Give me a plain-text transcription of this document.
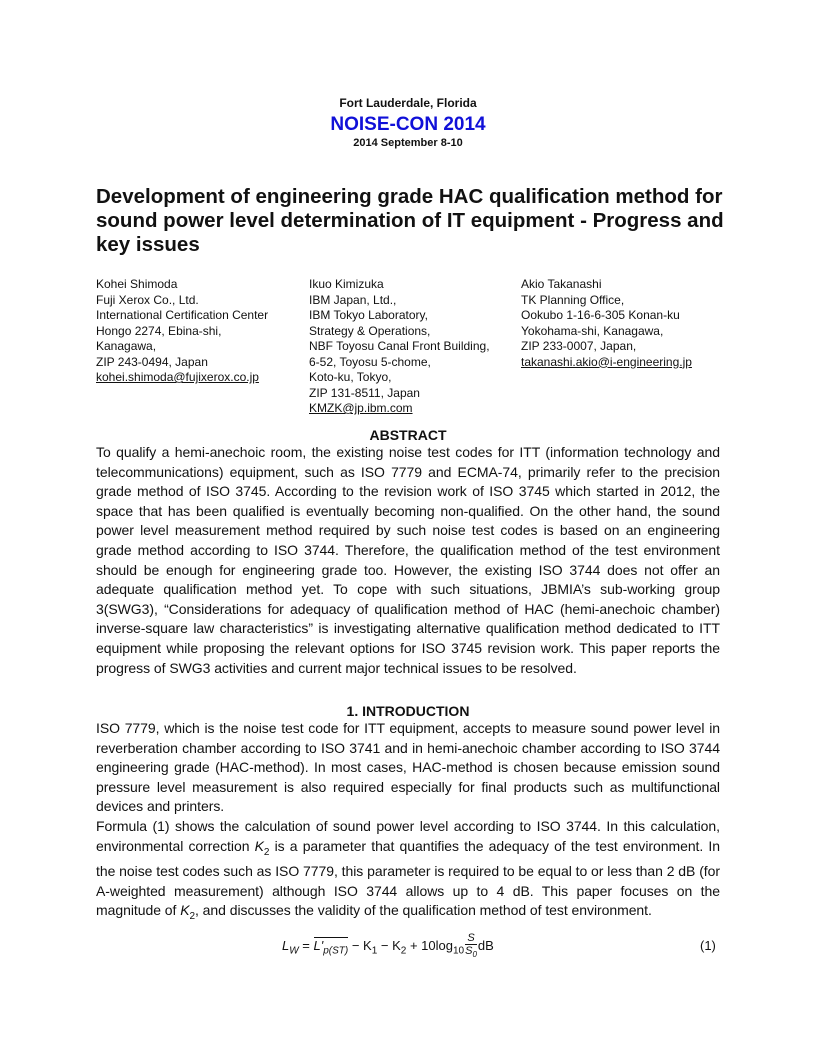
Fort Lauderdale, Florida
NOISE-CON 2014
2014 September 8-10
Development of engineering grade HAC qualification method for sound power level determination of IT equipment - Progress and key issues
Kohei Shimoda
Fuji Xerox Co., Ltd.
International Certification Center
Hongo 2274, Ebina-shi,
Kanagawa,
ZIP 243-0494, Japan
kohei.shimoda@fujixerox.co.jp
Ikuo Kimizuka
IBM Japan, Ltd.,
IBM Tokyo Laboratory,
Strategy & Operations,
NBF Toyosu Canal Front Building,
6-52, Toyosu 5-chome,
Koto-ku, Tokyo,
ZIP 131-8511, Japan
KMZK@jp.ibm.com
Akio Takanashi
TK Planning Office,
Ookubo 1-16-6-305 Konan-ku
Yokohama-shi, Kanagawa,
ZIP 233-0007, Japan,
takanashi.akio@i-engineering.jp
ABSTRACT

To qualify a hemi-anechoic room, the existing noise test codes for ITT (information technology and telecommunications) equipment, such as ISO 7779 and ECMA-74, primarily refer to the precision grade method of ISO 3745. According to the revision work of ISO 3745 which started in 2012, the space that has been qualified is eventually becoming non-qualified. On the other hand, the sound power level measurement method required by such noise test codes is based on an engineering grade method according to ISO 3744. Therefore, the qualification method of the test environment should be enough for engineering grade too. However, the existing ISO 3744 does not offer an adequate qualification method yet. To cope with such situations, JBMIA’s sub-working group 3(SWG3), “Considerations for adequacy of qualification method of HAC (hemi-anechoic chamber) inverse-square law characteristics” is investigating alternative qualification method dedicated to ITT equipment while proposing the relevant options for ISO 3745 revision work. This paper reports the progress of SWG3 activities and current major technical issues to be resolved.

1. INTRODUCTION

ISO 7779, which is the noise test code for ITT equipment, accepts to measure sound power level in reverberation chamber according to ISO 3741 and in hemi-anechoic chamber according to ISO 3744 engineering grade (HAC-method). In most cases, HAC-method is chosen because emission sound pressure level measurement is also required especially for final products such as multifunctional devices and printers.

Formula (1) shows the calculation of sound power level according to ISO 3744. In this calculation, environmental correction $K_2$ is a parameter that quantifies the adequacy of the test environment. In the noise test codes such as ISO 7779, this parameter is required to be equal to or less than 2 dB (for A-weighted measurement) although ISO 3744 allows up to 4 dB. This paper focuses on the magnitude of $K_2$, and discusses the validity of the qualification method of test environment.

$L_W = L'_{p(ST)} - K_1 - K_2 + 10\log_{10} \frac{S}{S_0}$ dB	(1)
